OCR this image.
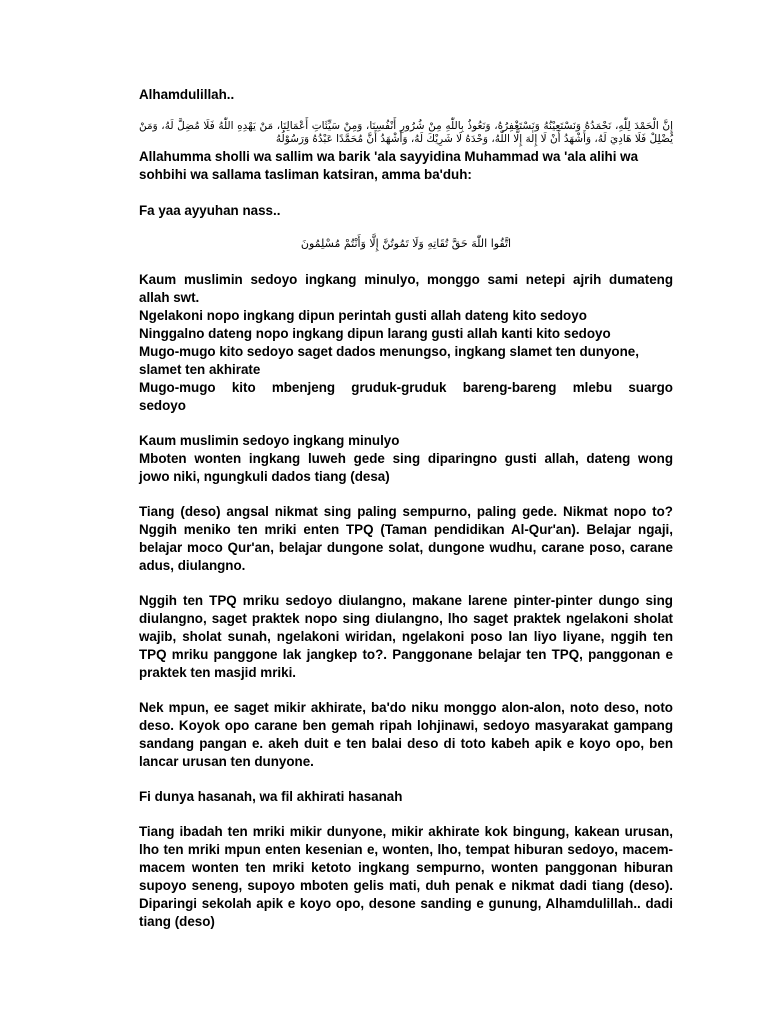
Alhamdulillah..

إِنَّ الْحَمْدَ لِلّٰهِ، نَحْمَدُهُ وَنَسْتَعِيْنُهُ وَنَسْتَغْفِرُهُ، وَنَعُوذُ بِاللّٰهِ مِنْ شُرُورِ أَنْفُسِنَا، وَمِنْ سَيِّئَاتِ أَعْمَالِنَا، مَنْ يَهْدِهِ اللّٰهُ فَلَا مُضِلَّ لَهُ، وَمَنْ يُضْلِلْ فَلَا هَادِيَ لَهُ، وَأَشْهَدُ أَنْ لَا إِلٰهَ إِلَّا اللّٰهُ، وَحْدَهُ لَا شَرِيْكَ لَهُ، وَأَشْهَدُ أَنَّ مُحَمَّدًا عَبْدُهُ وَرَسُوْلُهُ

Allahumma sholli wa sallim wa barik 'ala sayyidina Muhammad wa 'ala alihi wa sohbihi wa sallama tasliman katsiran, amma ba'duh:

Fa yaa ayyuhan nass..

اتَّقُوا اللّٰهَ حَقَّ تُقَاتِهِ وَلَا تَمُوتُنَّ إِلَّا وَأَنْتُمْ مُسْلِمُونَ

Kaum muslimin sedoyo ingkang minulyo, monggo sami netepi ajrih dumateng

allah swt.

Ngelakoni nopo ingkang dipun perintah gusti allah dateng kito sedoyo

Ninggalno dateng nopo ingkang dipun larang gusti allah kanti kito sedoyo

Mugo-mugo kito sedoyo saget dados menungso, ingkang slamet ten dunyone,

slamet ten akhirate

Mugo-mugo kito mbenjeng gruduk-gruduk bareng-bareng mlebu suargo

sedoyo

Kaum muslimin sedoyo ingkang minulyo

Mboten wonten ingkang luweh gede sing diparingno gusti allah, dateng wong

jowo niki, ngungkuli dados tiang (desa)

Tiang (deso) angsal nikmat sing paling sempurno, paling gede. Nikmat nopo to? Nggih meniko ten mriki enten TPQ (Taman pendidikan Al-Qur'an). Belajar ngaji, belajar moco Qur'an, belajar dungone solat, dungone wudhu, carane poso, carane adus, diulangno.

Nggih ten TPQ mriku sedoyo diulangno, makane larene pinter-pinter dungo sing diulangno, saget praktek nopo sing diulangno, lho saget praktek ngelakoni sholat wajib, sholat sunah, ngelakoni wiridan, ngelakoni poso lan liyo liyane, nggih ten TPQ mriku panggone lak jangkep to?. Panggonane belajar ten TPQ, panggonan e praktek ten masjid mriki.

Nek mpun, ee saget mikir akhirate, ba'do niku monggo alon-alon, noto deso, noto deso. Koyok opo carane ben gemah ripah lohjinawi, sedoyo masyarakat gampang sandang pangan e. akeh duit e ten balai deso di toto kabeh apik e koyo opo, ben lancar urusan ten dunyone.

Fi dunya hasanah, wa fil akhirati hasanah

Tiang ibadah ten mriki mikir dunyone, mikir akhirate kok bingung, kakean urusan, lho ten mriki mpun enten kesenian e, wonten, lho, tempat hiburan sedoyo, macem-macem wonten ten mriki ketoto ingkang sempurno, wonten panggonan hiburan supoyo seneng, supoyo mboten gelis mati, duh penak e nikmat dadi tiang (deso). Diparingi sekolah apik e koyo opo, desone sanding e gunung, Alhamdulillah.. dadi tiang (deso)
